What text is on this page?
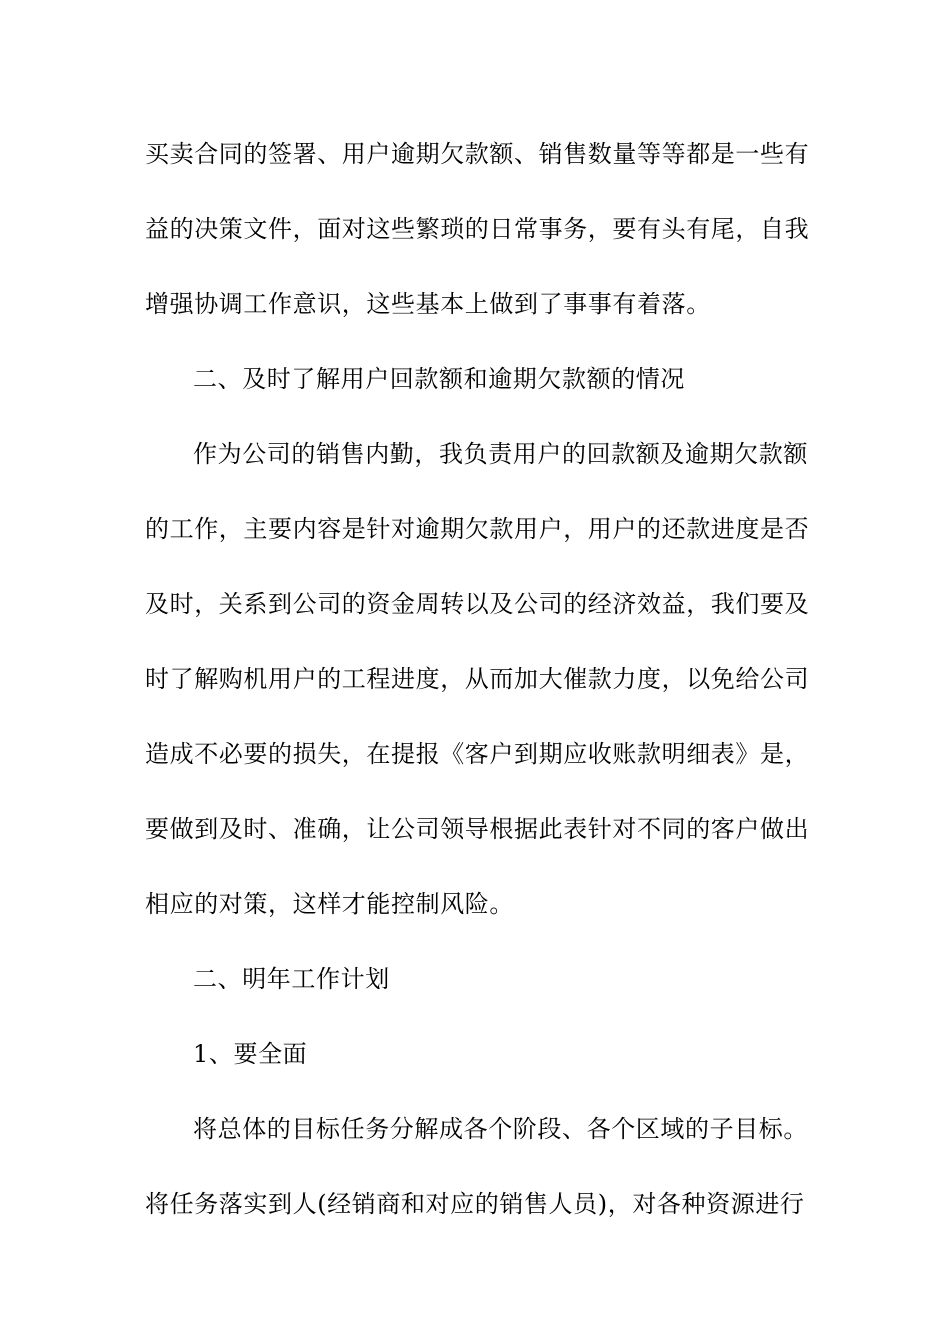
买卖合同的签署、用户逾期欠款额、销售数量等等都是一些有
益的决策文件，面对这些繁琐的日常事务，要有头有尾，自我
增强协调工作意识，这些基本上做到了事事有着落。
二、及时了解用户回款额和逾期欠款额的情况
作为公司的销售内勤，我负责用户的回款额及逾期欠款额
的工作，主要内容是针对逾期欠款用户，用户的还款进度是否
及时，关系到公司的资金周转以及公司的经济效益，我们要及
时了解购机用户的工程进度，从而加大催款力度，以免给公司
造成不必要的损失，在提报《客户到期应收账款明细表》是，
要做到及时、准确，让公司领导根据此表针对不同的客户做出
相应的对策，这样才能控制风险。
二、明年工作计划
1、要全面
将总体的目标任务分解成各个阶段、各个区域的子目标。
将任务落实到人(经销商和对应的销售人员)，对各种资源进行
